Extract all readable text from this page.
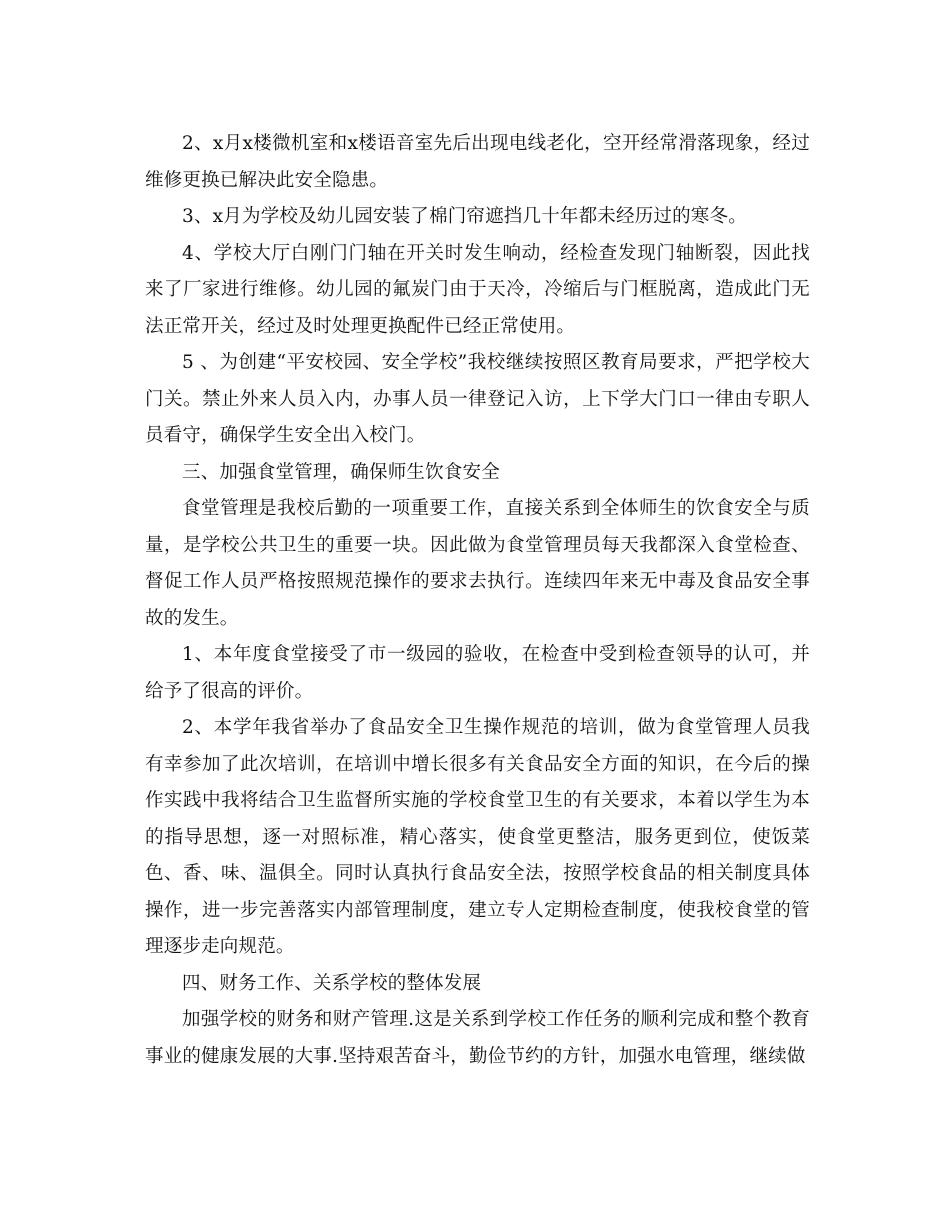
2、x月x楼微机室和x楼语音室先后出现电线老化，空开经常滑落现象，经过维修更换已解决此安全隐患。

3、x月为学校及幼儿园安装了棉门帘遮挡几十年都未经历过的寒冬。

4、学校大厅白刚门门轴在开关时发生响动，经检查发现门轴断裂，因此找来了厂家进行维修。幼儿园的氟炭门由于天冷，冷缩后与门框脱离，造成此门无法正常开关，经过及时处理更换配件已经正常使用。

5 、为创建“平安校园、安全学校”我校继续按照区教育局要求，严把学校大门关。禁止外来人员入内，办事人员一律登记入访，上下学大门口一律由专职人员看守，确保学生安全出入校门。

三、加强食堂管理，确保师生饮食安全

食堂管理是我校后勤的一项重要工作，直接关系到全体师生的饮食安全与质量，是学校公共卫生的重要一块。因此做为食堂管理员每天我都深入食堂检查、督促工作人员严格按照规范操作的要求去执行。连续四年来无中毒及食品安全事故的发生。

1、本年度食堂接受了市一级园的验收，在检查中受到检查领导的认可，并给予了很高的评价。

2、本学年我省举办了食品安全卫生操作规范的培训，做为食堂管理人员我有幸参加了此次培训，在培训中增长很多有关食品安全方面的知识，在今后的操作实践中我将结合卫生监督所实施的学校食堂卫生的有关要求，本着以学生为本的指导思想，逐一对照标准，精心落实，使食堂更整洁，服务更到位，使饭菜色、香、味、温俱全。同时认真执行食品安全法，按照学校食品的相关制度具体操作，进一步完善落实内部管理制度，建立专人定期检查制度，使我校食堂的管理逐步走向规范。

四、财务工作、关系学校的整体发展

加强学校的财务和财产管理.这是关系到学校工作任务的顺利完成和整个教育事业的健康发展的大事.坚持艰苦奋斗，勤俭节约的方针，加强水电管理，继续做
